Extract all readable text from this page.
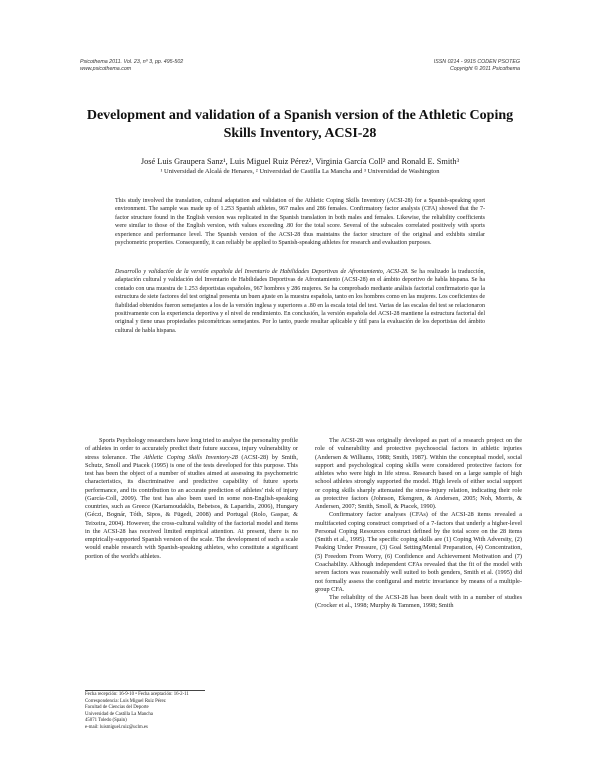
Psicothema 2011. Vol. 23, nº 3, pp. 495-502
www.psicothema.com
ISSN 0214 - 9915 CODEN PSOTEG
Copyright © 2011 Psicothema
Development and validation of a Spanish version of the Athletic Coping Skills Inventory, ACSI-28
José Luis Graupera Sanz¹, Luis Miguel Ruiz Pérez², Virginia García Coll² and Ronald E. Smith³
¹ Universidad de Alcalá de Henares, ² Universidad de Castilla La Mancha and ³ Universidad de Washington
This study involved the translation, cultural adaptation and validation of the Athletic Coping Skills Inventory (ACSI-28) for a Spanish-speaking sport environment. The sample was made up of 1.253 Spanish athletes, 967 males and 286 females. Confirmatory factor analysis (CFA) showed that the 7-factor structure found in the English version was replicated in the Spanish translation in both males and females. Likewise, the reliability coefficients were similar to those of the English version, with values exceeding .80 for the total score. Several of the subscales correlated positively with sports experience and performance level. The Spanish version of the ACSI-28 thus maintains the factor structure of the original and exhibits similar psychometric properties. Consequently, it can reliably be applied to Spanish-speaking athletes for research and evaluation purposes.
Desarrollo y validación de la versión española del Inventario de Habilidades Deportivas de Afrontamiento, ACSI-28. Se ha realizado la traducción, adaptación cultural y validación del Inventario de Habilidades Deportivas de Afrontamiento (ACSI-28) en el ámbito deportivo de habla hispana. Se ha contado con una muestra de 1.253 deportistas españoles, 967 hombres y 286 mujeres. Se ha comprobado mediante análisis factorial confirmatorio que la estructura de siete factores del test original presenta un buen ajuste en la muestra española, tanto en los hombres como en las mujeres. Los coeficientes de fiabilidad obtenidos fueron semejantes a los de la versión inglesa y superiores a .80 en la escala total del test. Varias de las escalas del test se relacionaron positivamente con la experiencia deportiva y el nivel de rendimiento. En conclusión, la versión española del ACSI-28 mantiene la estructura factorial del original y tiene unas propiedades psicométricas semejantes. Por lo tanto, puede resultar aplicable y útil para la evaluación de los deportistas del ámbito cultural de habla hispana.

Sports Psychology researchers have long tried to analyse the personality profile of athletes in order to accurately predict their future success, injury vulnerability or stress tolerance. The Athletic Coping Skills Inventory-28 (ACSI-28) by Smith, Schutz, Smoll and Ptacek (1995) is one of the tests developed for this purpose. This test has been the object of a number of studies aimed at assessing its psychometric characteristics, its discriminative and predictive capability of future sports performance, and its contribution to an accurate prediction of athletes' risk of injury (García-Coll, 2009). The test has also been used in some non-English-speaking countries, such as Greece (Kartamoudaklis, Bebetsos, & Laparidis, 2006), Hungary (Géczi, Bognár, Tóth, Sipos, & Fügedi, 2008) and Portugal (Rolo, Gaspar, & Teixeira, 2004). However, the cross-cultural validity of the factorial model and items in the ACSI-28 has received limited empirical attention. At present, there is no empirically-supported Spanish version of the scale. The development of such a scale would enable research with Spanish-speaking athletes, who constitute a significant portion of the world's athletes.

The ACSI-28 was originally developed as part of a research project on the role of vulnerability and protective psychosocial factors in athletic injuries (Andersen & Williams, 1988; Smith, 1987). Within the conceptual model, social support and psychological coping skills were considered protective factors for athletes who were high in life stress. Research based on a large sample of high school athletes strongly supported the model. High levels of either social support or coping skills sharply attenuated the stress-injury relation, indicating their role as protective factors (Johnson, Ekengren, & Andersen, 2005; Noh, Morris, & Andersen, 2007; Smith, Smoll, & Ptacek, 1990).

Confirmatory factor analyses (CFAs) of the ACSI-28 items revealed a multifaceted coping construct comprised of a 7-factors that underly a higher-level Personal Coping Resources construct defined by the total score on the 28 items (Smith et al., 1995). The specific coping skills are (1) Coping With Adversity, (2) Peaking Under Pressure, (3) Goal Setting/Mental Preparation, (4) Concentration, (5) Freedom From Worry, (6) Confidence and Achievement Motivation and (7) Coachability. Although independent CFAs revealed that the fit of the model with seven factors was reasonably well suited to both genders, Smith et al. (1995) did not formally assess the configural and metric invariance by means of a multiple-group CFA.

The reliability of the ACSI-28 has been dealt with in a number of studies (Crocker et al., 1998; Murphy & Tammen, 1998; Smith

Fecha recepción: 16-9-10 • Fecha aceptación: 16-2-11
Correspondencia: Luis Miguel Ruiz Pérez
Facultad de Ciencias del Deporte
Universidad de Castilla La Mancha
45071 Toledo (Spain)
e-mail: luismiguel.ruiz@uclm.es
